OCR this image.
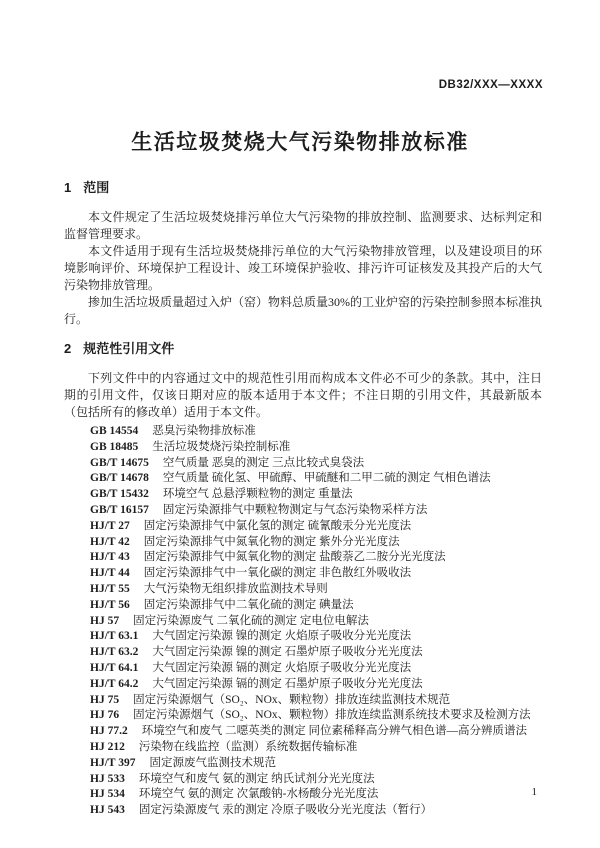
DB32/XXX—XXXX
生活垃圾焚烧大气污染物排放标准
1 范围

本文件规定了生活垃圾焚烧排污单位大气污染物的排放控制、监测要求、达标判定和监督管理要求。

本文件适用于现有生活垃圾焚烧排污单位的大气污染物排放管理，以及建设项目的环境影响评价、环境保护工程设计、竣工环境保护验收、排污许可证核发及其投产后的大气污染物排放管理。

掺加生活垃圾质量超过入炉（窑）物料总质量30%的工业炉窑的污染控制参照本标准执行。

2 规范性引用文件

下列文件中的内容通过文中的规范性引用而构成本文件必不可少的条款。其中，注日期的引用文件，仅该日期对应的版本适用于本文件；不注日期的引用文件，其最新版本（包括所有的修改单）适用于本文件。

GB 14554 恶臭污染物排放标准
GB 18485 生活垃圾焚烧污染控制标准
GB/T 14675 空气质量 恶臭的测定 三点比较式臭袋法
GB/T 14678 空气质量 硫化氢、甲硫醇、甲硫醚和二甲二硫的测定 气相色谱法
GB/T 15432 环境空气 总悬浮颗粒物的测定 重量法
GB/T 16157 固定污染源排气中颗粒物测定与气态污染物采样方法
HJ/T 27 固定污染源排气中氯化氢的测定 硫氰酸汞分光光度法
HJ/T 42 固定污染源排气中氮氧化物的测定 紫外分光光度法
HJ/T 43 固定污染源排气中氮氧化物的测定 盐酸萘乙二胺分光光度法
HJ/T 44 固定污染源排气中一氧化碳的测定 非色散红外吸收法
HJ/T 55 大气污染物无组织排放监测技术导则
HJ/T 56 固定污染源排气中二氧化硫的测定 碘量法
HJ 57 固定污染源废气 二氧化硫的测定 定电位电解法
HJ/T 63.1 大气固定污染源 镍的测定 火焰原子吸收分光光度法
HJ/T 63.2 大气固定污染源 镍的测定 石墨炉原子吸收分光光度法
HJ/T 64.1 大气固定污染源 镉的测定 火焰原子吸收分光光度法
HJ/T 64.2 大气固定污染源 镉的测定 石墨炉原子吸收分光光度法
HJ 75 固定污染源烟气（SO₂、NOx、颗粒物）排放连续监测技术规范
HJ 76 固定污染源烟气（SO₂、NOx、颗粒物）排放连续监测系统技术要求及检测方法
HJ 77.2 环境空气和废气 二噁英类的测定 同位素稀释高分辨气相色谱—高分辨质谱法
HJ 212 污染物在线监控（监测）系统数据传输标准
HJ/T 397 固定源废气监测技术规范
HJ 533 环境空气和废气 氨的测定 纳氏试剂分光光度法
HJ 534 环境空气 氨的测定 次氯酸钠-水杨酸分光光度法
HJ 543 固定污染源废气 汞的测定 冷原子吸收分光光度法（暂行）
1
